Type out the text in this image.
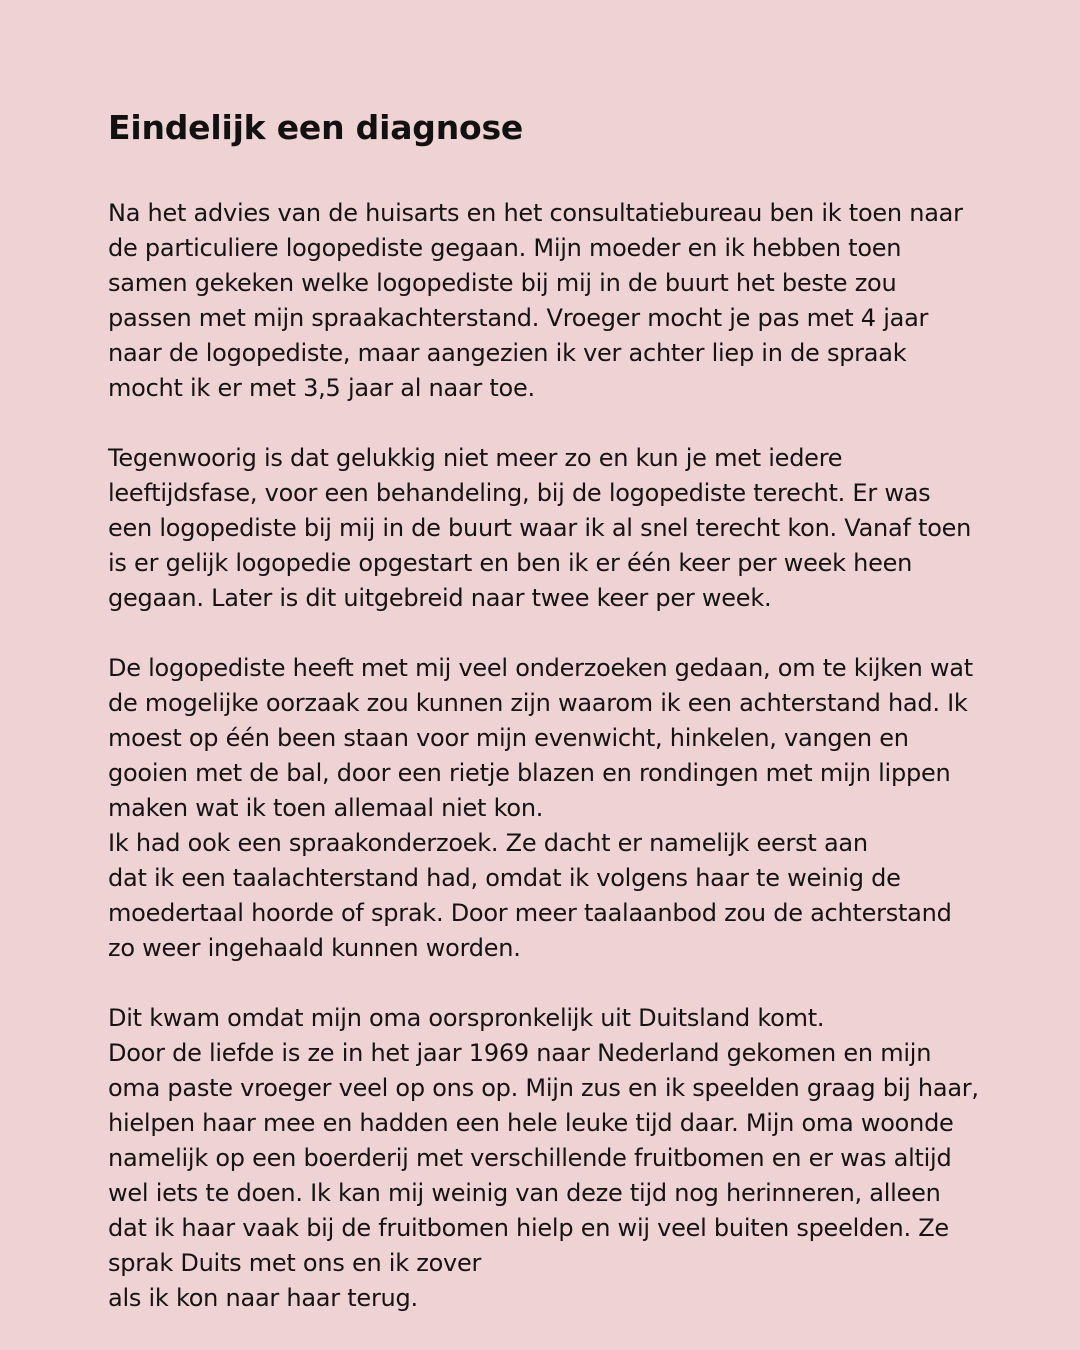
Eindelijk een diagnose
Na het advies van de huisarts en het consultatiebureau ben ik toen naar
de particuliere logopediste gegaan. Mijn moeder en ik hebben toen
samen gekeken welke logopediste bij mij in de buurt het beste zou
passen met mijn spraakachterstand. Vroeger mocht je pas met 4 jaar
naar de logopediste, maar aangezien ik ver achter liep in de spraak
mocht ik er met 3,5 jaar al naar toe.
Tegenwoorig is dat gelukkig niet meer zo en kun je met iedere
leeftijdsfase, voor een behandeling, bij de logopediste terecht. Er was
een logopediste bij mij in de buurt waar ik al snel terecht kon. Vanaf toen
is er gelijk logopedie opgestart en ben ik er één keer per week heen
gegaan. Later is dit uitgebreid naar twee keer per week.
De logopediste heeft met mij veel onderzoeken gedaan, om te kijken wat
de mogelijke oorzaak zou kunnen zijn waarom ik een achterstand had. Ik
moest op één been staan voor mijn evenwicht, hinkelen, vangen en
gooien met de bal, door een rietje blazen en rondingen met mijn lippen
maken wat ik toen allemaal niet kon.
Ik had ook een spraakonderzoek. Ze dacht er namelijk eerst aan
dat ik een taalachterstand had, omdat ik volgens haar te weinig de
moedertaal hoorde of sprak. Door meer taalaanbod zou de achterstand
zo weer ingehaald kunnen worden.
Dit kwam omdat mijn oma oorspronkelijk uit Duitsland komt.
Door de liefde is ze in het jaar 1969 naar Nederland gekomen en mijn
oma paste vroeger veel op ons op. Mijn zus en ik speelden graag bij haar,
hielpen haar mee en hadden een hele leuke tijd daar. Mijn oma woonde
namelijk op een boerderij met verschillende fruitbomen en er was altijd
wel iets te doen. Ik kan mij weinig van deze tijd nog herinneren, alleen
dat ik haar vaak bij de fruitbomen hielp en wij veel buiten speelden. Ze
sprak Duits met ons en ik zover
als ik kon naar haar terug.
